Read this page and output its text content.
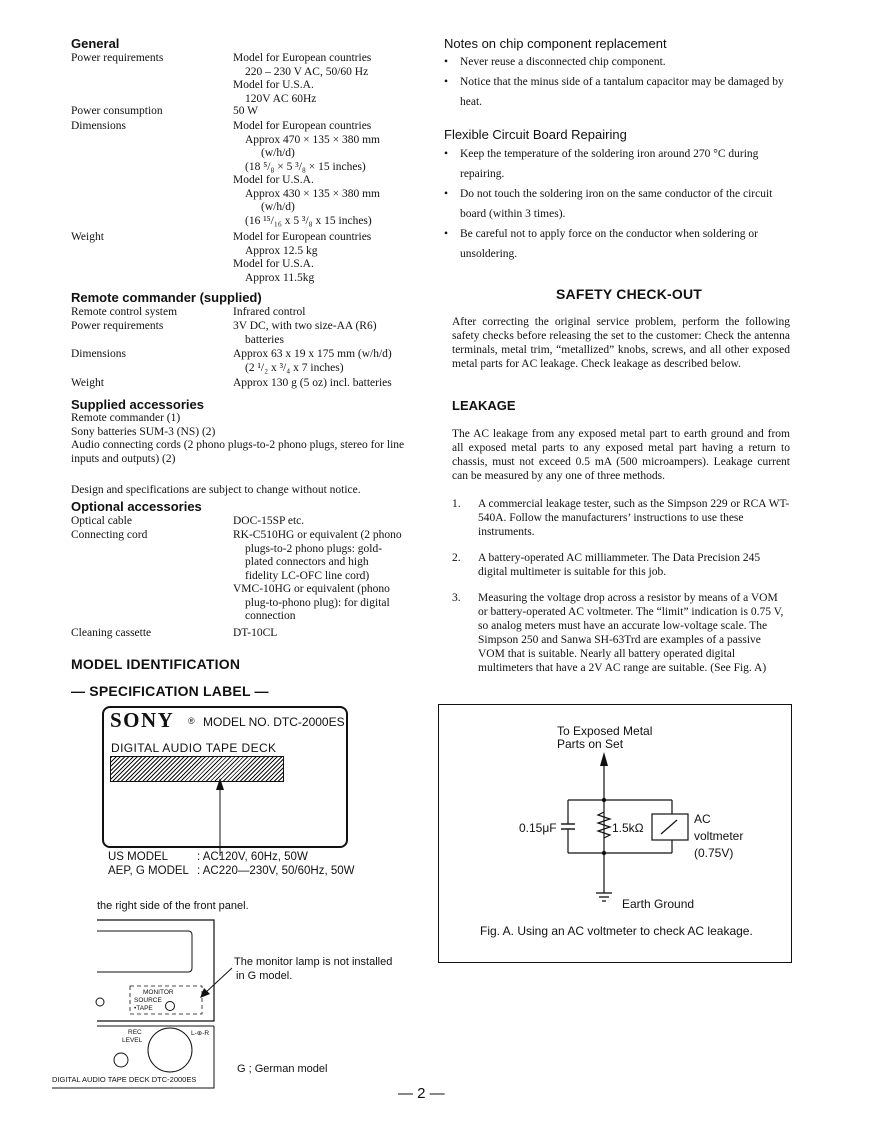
General
Power requirements	Model for European countries
220 – 230 V AC, 50/60 Hz
Model for U.S.A.
120V AC 60Hz
Power consumption	50 W
Dimensions	Model for European countries
Approx 470 × 135 × 380 mm
(w/h/d)
(18 ⁵/₈ × 5 ³/₈ × 15 inches)
Model for U.S.A.
Approx 430 × 135 × 380 mm
(w/h/d)
(16 ¹⁵/₁₆ x 5 ³/₈ x 15 inches)
Weight	Model for European countries
Approx 12.5 kg
Model for U.S.A.
Approx 11.5kg
Remote commander (supplied)
Remote control system	Infrared control
Power requirements	3V DC, with two size-AA (R6)
batteries
Dimensions	Approx 63 x 19 x 175 mm (w/h/d)
(2 ¹/₂ x ³/₄ x 7 inches)
Weight	Approx 130 g (5 oz) incl. batteries
Supplied accessories
Remote commander (1)
Sony batteries SUM-3 (NS) (2)
Audio connecting cords (2 phono plugs-to-2 phono plugs, stereo for line inputs and outputs) (2)
Design and specifications are subject to change without notice.
Optional accessories
Optical cable	DOC-15SP etc.
Connecting cord	RK-C510HG or equivalent (2 phono
plugs-to-2 phono plugs: gold-
plated connectors and high
fidelity LC-OFC line cord)
VMC-10HG or equivalent (phono
plug-to-phono plug): for digital
connection
Cleaning cassette	DT-10CL
MODEL IDENTIFICATION
— SPECIFICATION LABEL —
SONY ® MODEL NO. DTC-2000ES
DIGITAL AUDIO TAPE DECK
US MODEL	: AC120V, 60Hz, 50W
AEP, G MODEL : AC220—230V, 50/60Hz, 50W
the right side of the front panel.
MONITOR
SOURCE
•TAPE
REC
LEVEL
L-⊕-R
DIGITAL AUDIO TAPE DECK DTC-2000ES
The monitor lamp is not installed
in G model.
G ; German model
Notes on chip component replacement
• Never reuse a disconnected chip component.
• Notice that the minus side of a tantalum capacitor may be damaged by heat.
Flexible Circuit Board Repairing
• Keep the temperature of the soldering iron around 270 °C during repairing.
• Do not touch the soldering iron on the same conductor of the circuit board (within 3 times).
• Be careful not to apply force on the conductor when soldering or unsoldering.
SAFETY CHECK-OUT
After correcting the original service problem, perform the following safety checks before releasing the set to the customer: Check the antenna terminals, metal trim, “metallized” knobs, screws, and all other exposed metal parts for AC leakage. Check leakage as described below.
LEAKAGE
The AC leakage from any exposed metal part to earth ground and from all exposed metal parts to any exposed metal part having a return to chassis, must not exceed 0.5 mA (500 microampers). Leakage current can be measured by any one of three methods.
1. A commercial leakage tester, such as the Simpson 229 or RCA WT-540A. Follow the manufacturers’ instructions to use these instruments.
2. A battery-operated AC milliammeter. The Data Precision 245 digital multimeter is suitable for this job.
3. Measuring the voltage drop across a resistor by means of a VOM or battery-operated AC voltmeter. The “limit” indication is 0.75 V, so analog meters must have an accurate low-voltage scale. The Simpson 250 and Sanwa SH-63Trd are examples of a passive VOM that is suitable. Nearly all battery operated digital multimeters that have a 2V AC range are suitable. (See Fig. A)
To Exposed Metal
Parts on Set
0.15μF	1.5kΩ
AC
voltmeter
(0.75V)
Earth Ground
Fig. A. Using an AC voltmeter to check AC leakage.
— 2 —
